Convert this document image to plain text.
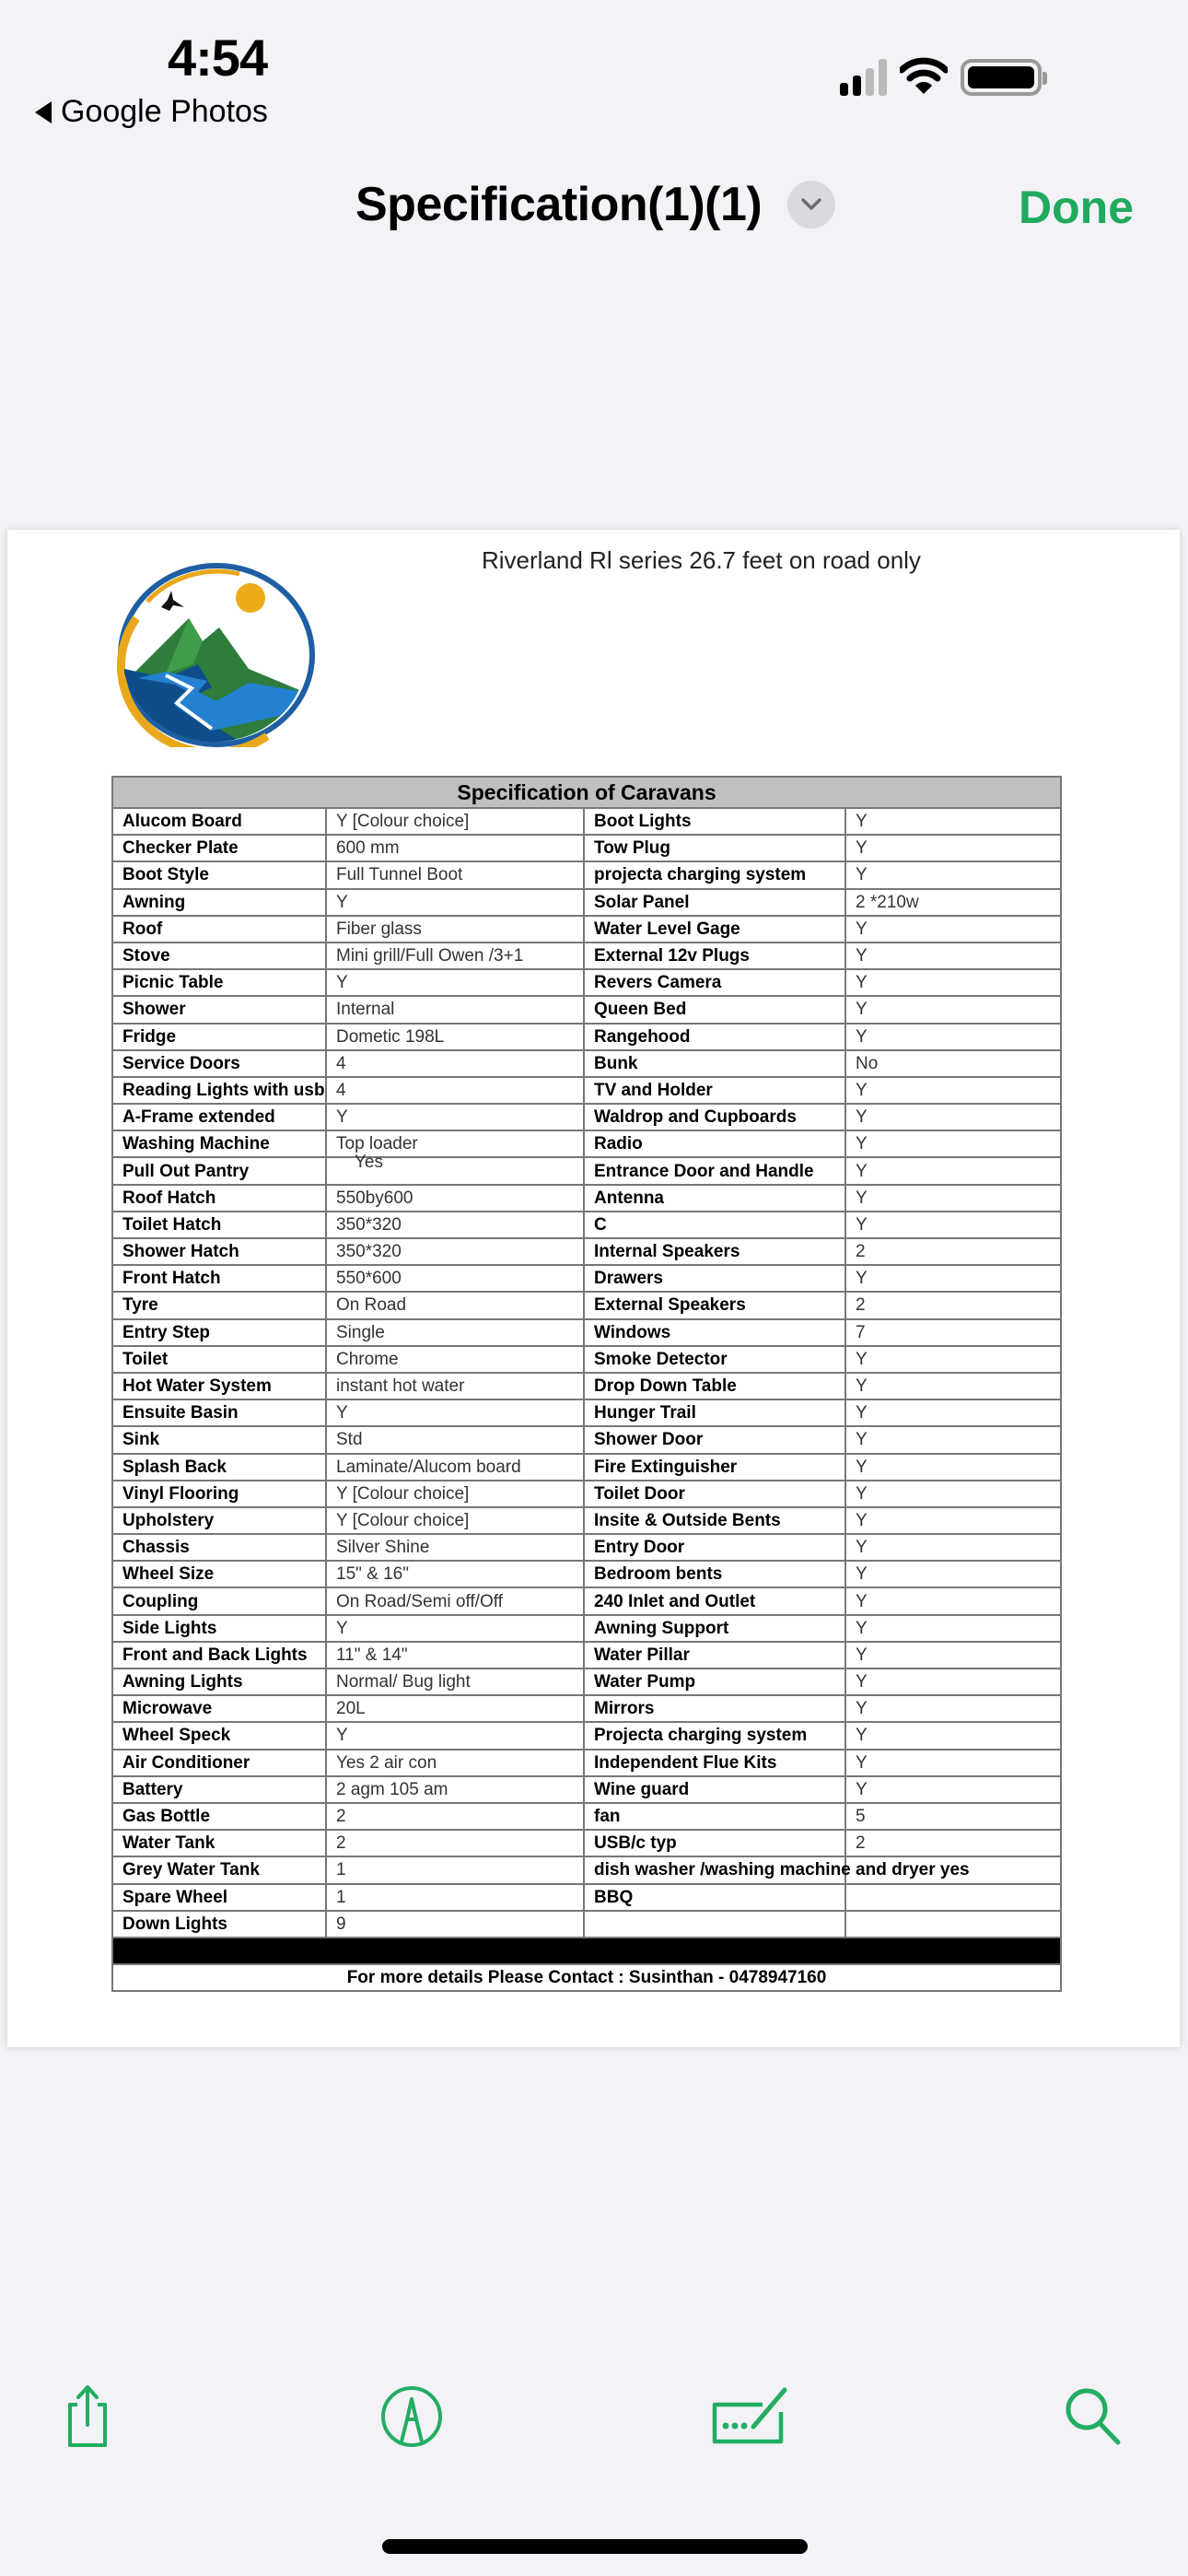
4:54
Google Photos
Specification(1)(1)	Done
Riverland Rl series 26.7 feet on road only
Specification of Caravans			
Alucom Board	Y [Colour choice]	Boot Lights	Y
Checker Plate	600 mm	Tow Plug	Y
Boot Style	Full Tunnel Boot	projecta charging system	Y
Awning	Y	Solar Panel	2 *210w
Roof	Fiber glass	Water Level Gage	Y
Stove	Mini grill/Full Owen /3+1	External 12v Plugs	Y
Picnic Table	Y	Revers Camera	Y
Shower	Internal	Queen Bed	Y
Fridge	Dometic 198L	Rangehood	Y
Service Doors	4	Bunk	No
Reading Lights with usb	4	TV and Holder	Y
A-Frame extended	Y	Waldrop and Cupboards	Y
Washing Machine	Top loader	Radio	Y
Pull Out Pantry	Yes	Entrance Door and Handle	Y
Roof Hatch	550by600	Antenna	Y
Toilet Hatch	350*320	C	Y
Shower Hatch	350*320	Internal Speakers	2
Front Hatch	550*600	Drawers	Y
Tyre	On Road	External Speakers	2
Entry Step	Single	Windows	7
Toilet	Chrome	Smoke Detector	Y
Hot Water System	instant hot water	Drop Down Table	Y
Ensuite Basin	Y	Hunger Trail	Y
Sink	Std	Shower Door	Y
Splash Back	Laminate/Alucom board	Fire Extinguisher	Y
Vinyl Flooring	Y [Colour choice]	Toilet Door	Y
Upholstery	Y [Colour choice]	Insite & Outside Bents	Y
Chassis	Silver Shine	Entry Door	Y
Wheel Size	15" & 16"	Bedroom bents	Y
Coupling	On Road/Semi off/Off	240 Inlet and Outlet	Y
Side Lights	Y	Awning Support	Y
Front and Back Lights	11" & 14"	Water Pillar	Y
Awning Lights	Normal/ Bug light	Water Pump	Y
Microwave	20L	Mirrors	Y
Wheel Speck	Y	Projecta charging system	Y
Air Conditioner	Yes 2 air con	Independent Flue Kits	Y
Battery	2 agm 105 am	Wine guard	Y
Gas Bottle	2	fan	5
Water Tank	2	USB/c typ	2
Grey Water Tank	1	dish washer /washing machine and dryer yes	
Spare Wheel	1	BBQ	
Down Lights	9		

For more details Please Contact : Susinthan - 0478947160			
